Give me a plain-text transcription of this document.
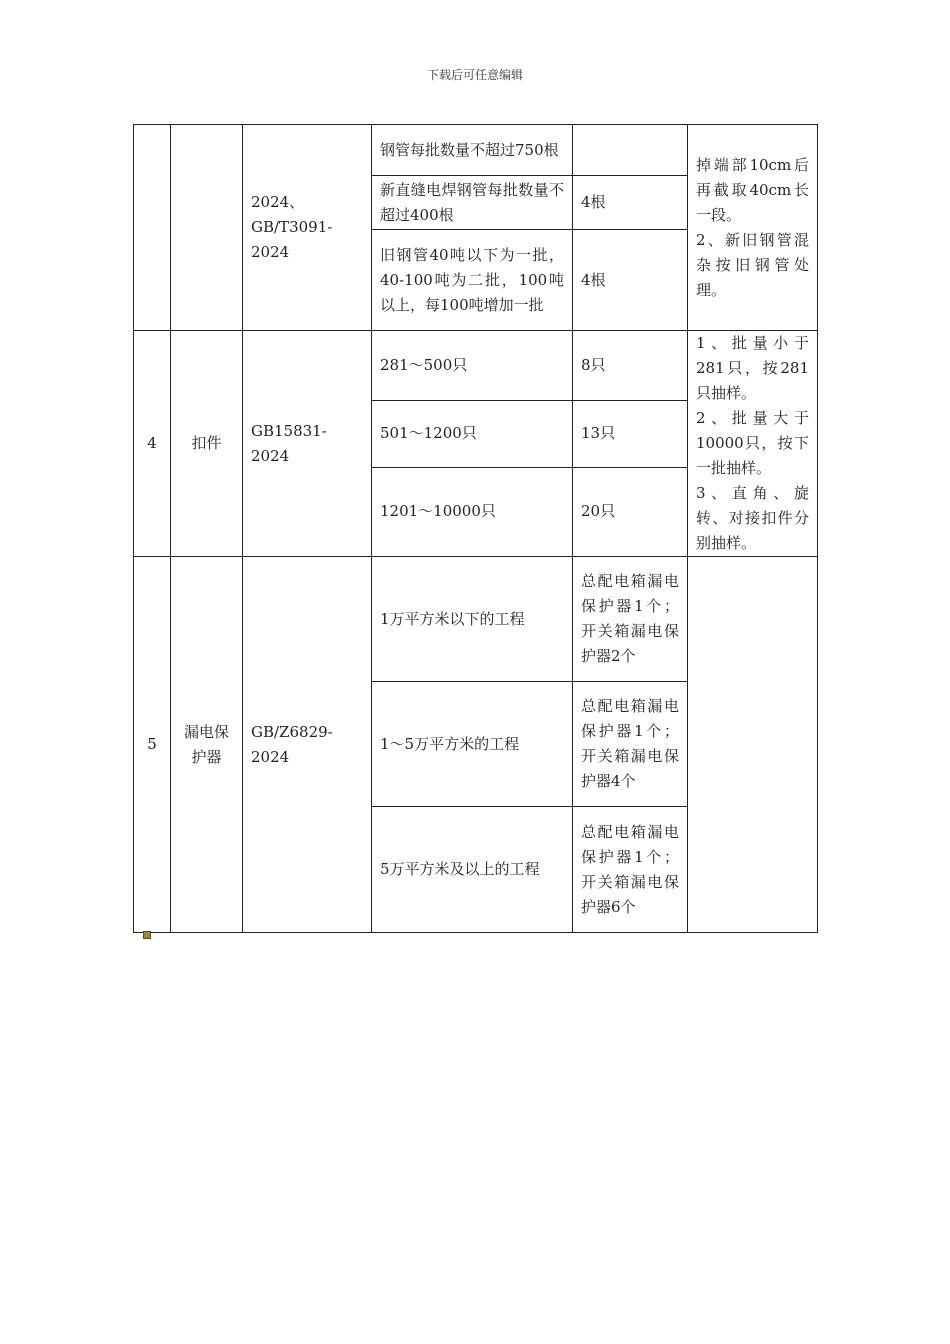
下载后可任意编辑
		2024、GB/T3091-2024	钢管每批数量不超过750根		掉端部10cm后再截取40cm长一段。
2、新旧钢管混杂按旧钢管处理。

			新直缝电焊钢管每批数量不超过400根	4根	
			旧钢管40吨以下为一批，40-100吨为二批，100吨以上，每100吨增加一批	4根	
4	扣件	GB15831-2024	281～500只	8只	1、批量小于281只，按281只抽样。
2、批量大于10000只，按下一批抽样。
3、直角、旋转、对接扣件分别抽样。

			501～1200只	13只	
			1201～10000只	20只	
5	漏电保护器	GB/Z6829-2024	1万平方米以下的工程	总配电箱漏电保护器1个；开关箱漏电保护器2个	
			1～5万平方米的工程	总配电箱漏电保护器1个；开关箱漏电保护器4个	
			5万平方米及以上的工程	总配电箱漏电保护器1个；开关箱漏电保护器6个	
